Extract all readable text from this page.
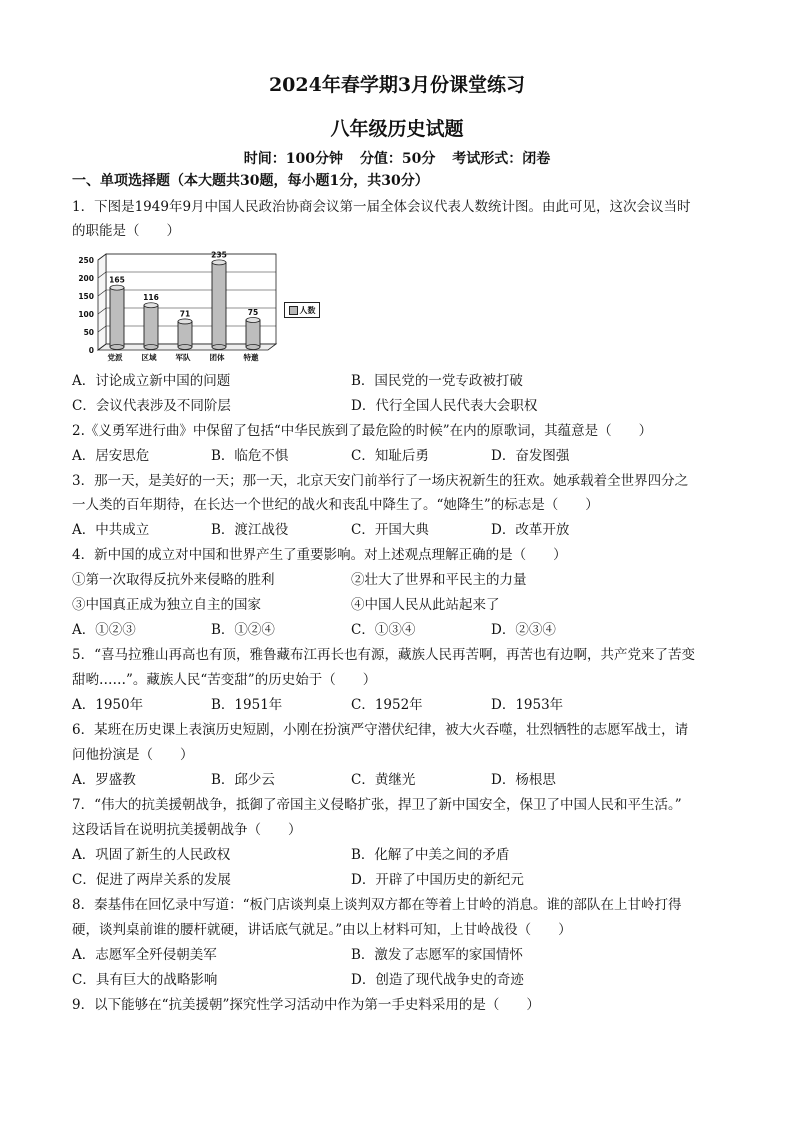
2024年春学期3月份课堂练习
八年级历史试题
时间：100分钟 分值：50分 考试形式：闭卷
一、单项选择题（本大题共30题，每小题1分，共30分）
1．下图是1949年9月中国人民政治协商会议第一届全体会议代表人数统计图。由此可见，这次会议当时
的职能是（　　）
0
50
100
150
200
250
165
党派
116
区域
71
军队
235
团体
75
特邀
人数
A．讨论成立新中国的问题	B．国民党的一党专政被打破
C．会议代表涉及不同阶层	D．代行全国人民代表大会职权
2.《义勇军进行曲》中保留了包括“中华民族到了最危险的时候”在内的原歌词，其蕴意是（　　）
A．居安思危	B．临危不惧	C．知耻后勇	D．奋发图强
3．那一天，是美好的一天；那一天，北京天安门前举行了一场庆祝新生的狂欢。她承载着全世界四分之
一人类的百年期待，在长达一个世纪的战火和丧乱中降生了。“她降生”的标志是（　　）
A．中共成立	B．渡江战役	C．开国大典	D．改革开放
4．新中国的成立对中国和世界产生了重要影响。对上述观点理解正确的是（　　）
①第一次取得反抗外来侵略的胜利	②壮大了世界和平民主的力量
③中国真正成为独立自主的国家	④中国人民从此站起来了
A．①②③	B．①②④	C．①③④	D．②③④
5．“喜马拉雅山再高也有顶，雅鲁藏布江再长也有源，藏族人民再苦啊，再苦也有边啊，共产党来了苦变
甜哟……”。藏族人民“苦变甜”的历史始于（　　）
A．1950年	B．1951年	C．1952年	D．1953年
6．某班在历史课上表演历史短剧，小刚在扮演严守潜伏纪律，被大火吞噬，壮烈牺牲的志愿军战士，请
问他扮演是（　　）
A．罗盛教	B．邱少云	C．黄继光	D．杨根思
7．“伟大的抗美援朝战争，抵御了帝国主义侵略扩张，捍卫了新中国安全，保卫了中国人民和平生活。”
这段话旨在说明抗美援朝战争（　　）
A．巩固了新生的人民政权	B．化解了中美之间的矛盾
C．促进了两岸关系的发展	D．开辟了中国历史的新纪元
8．秦基伟在回忆录中写道：“板门店谈判桌上谈判双方都在等着上甘岭的消息。谁的部队在上甘岭打得
硬，谈判桌前谁的腰杆就硬，讲话底气就足。”由以上材料可知，上甘岭战役（　　）
A．志愿军全歼侵朝美军	B．激发了志愿军的家国情怀
C．具有巨大的战略影响	D．创造了现代战争史的奇迹
9．以下能够在“抗美援朝”探究性学习活动中作为第一手史料采用的是（　　）
